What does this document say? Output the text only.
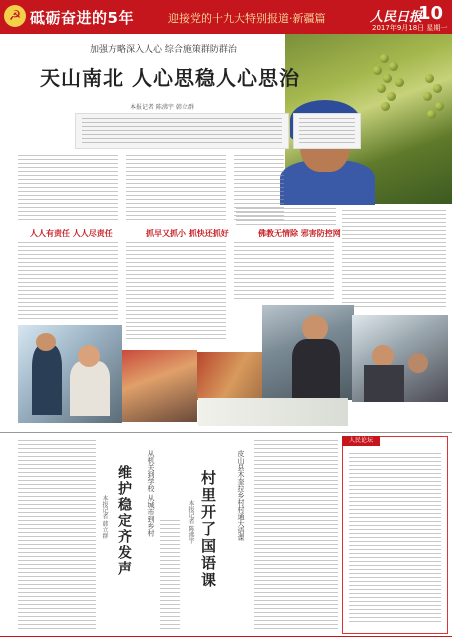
☭ 砥砺奋进的5年	迎接党的十九大特别报道·新疆篇	人民日报
10
2017年9月18日 星期一
加强方略深入人心 综合施策群防群治
天山南北 人心思稳人心思治
本报记者 陈沸宇 韩立群
人人有责任 人人尽责任	抓早又抓小 抓快还抓好	佛教无情除 邪害防控网
从机关到学校 从城市到乡村
维护稳定齐发声
本报记者 韩立群	皮山县木奎拉乡村村通大语课
村里开了国语课
本报记者 陈沸宇
人民论坛
